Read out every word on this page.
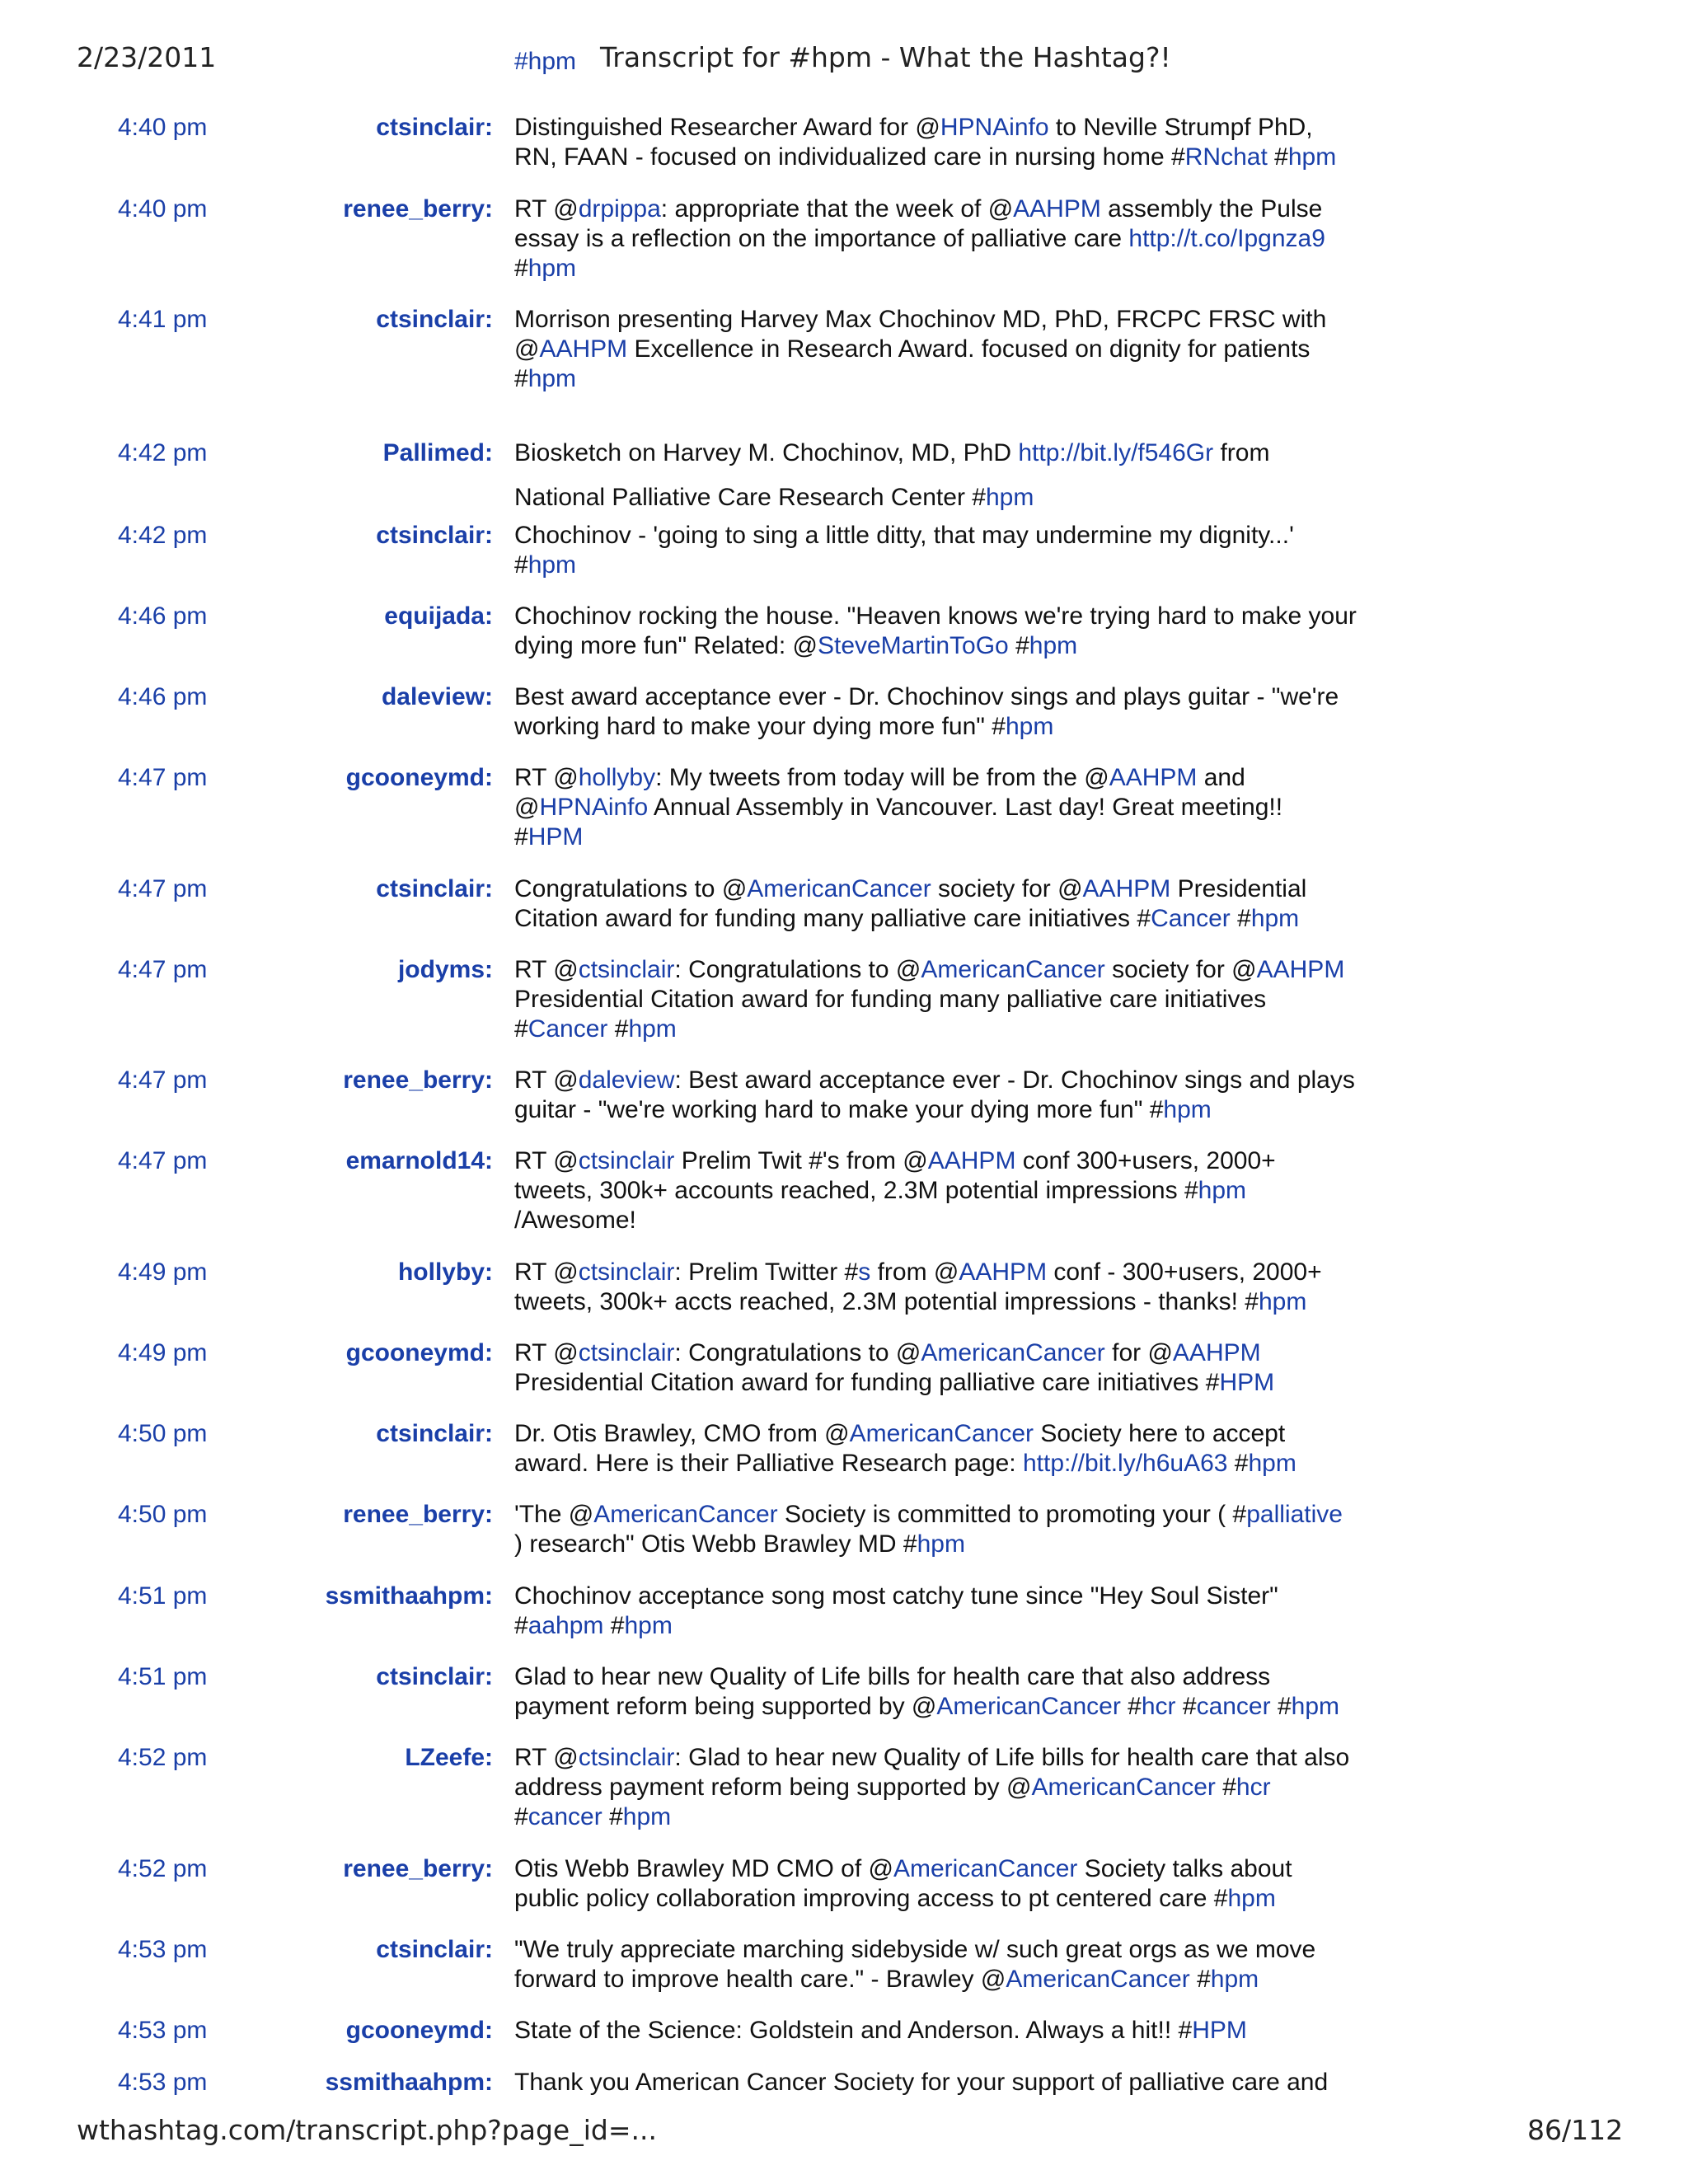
2/23/2011	Transcript for #hpm - What the Hashtag?!
#hpm
4:40 pm	ctsinclair: Distinguished Researcher Award for @HPNAinfo to Neville Strumpf PhD,
RN, FAAN - focused on individualized care in nursing home #RNchat #hpm
4:40 pm	renee_berry: RT @drpippa: appropriate that the week of @AAHPM assembly the Pulse
essay is a reflection on the importance of palliative care http://t.co/Ipgnza9
#hpm
4:41 pm	ctsinclair: Morrison presenting Harvey Max Chochinov MD, PhD, FRCPC FRSC with
@AAHPM Excellence in Research Award. focused on dignity for patients
#hpm
4:42 pm	Pallimed: Biosketch on Harvey M. Chochinov, MD, PhD http://bit.ly/f546Gr from
National Palliative Care Research Center #hpm
4:42 pm	ctsinclair: Chochinov - 'going to sing a little ditty, that may undermine my dignity...'
#hpm
4:46 pm	equijada: Chochinov rocking the house. "Heaven knows we're trying hard to make your
dying more fun" Related: @SteveMartinToGo #hpm
4:46 pm	daleview: Best award acceptance ever - Dr. Chochinov sings and plays guitar - "we're
working hard to make your dying more fun" #hpm
4:47 pm	gcooneymd: RT @hollyby: My tweets from today will be from the @AAHPM and
@HPNAinfo Annual Assembly in Vancouver. Last day! Great meeting!!
#HPM
4:47 pm	ctsinclair: Congratulations to @AmericanCancer society for @AAHPM Presidential
Citation award for funding many palliative care initiatives #Cancer #hpm
4:47 pm	jodyms: RT @ctsinclair: Congratulations to @AmericanCancer society for @AAHPM
Presidential Citation award for funding many palliative care initiatives
#Cancer #hpm
4:47 pm	renee_berry: RT @daleview: Best award acceptance ever - Dr. Chochinov sings and plays
guitar - "we're working hard to make your dying more fun" #hpm
4:47 pm	emarnold14: RT @ctsinclair Prelim Twit #'s from @AAHPM conf 300+users, 2000+
tweets, 300k+ accounts reached, 2.3M potential impressions #hpm
/Awesome!
4:49 pm	hollyby: RT @ctsinclair: Prelim Twitter #s from @AAHPM conf - 300+users, 2000+
tweets, 300k+ accts reached, 2.3M potential impressions - thanks! #hpm
4:49 pm	gcooneymd: RT @ctsinclair: Congratulations to @AmericanCancer for @AAHPM
Presidential Citation award for funding palliative care initiatives #HPM
4:50 pm	ctsinclair: Dr. Otis Brawley, CMO from @AmericanCancer Society here to accept
award. Here is their Palliative Research page: http://bit.ly/h6uA63 #hpm
4:50 pm	renee_berry: 'The @AmericanCancer Society is committed to promoting your ( #palliative
) research" Otis Webb Brawley MD #hpm
4:51 pm	ssmithaahpm: Chochinov acceptance song most catchy tune since "Hey Soul Sister"
#aahpm #hpm
4:51 pm	ctsinclair: Glad to hear new Quality of Life bills for health care that also address
payment reform being supported by @AmericanCancer #hcr #cancer #hpm
4:52 pm	LZeefe: RT @ctsinclair: Glad to hear new Quality of Life bills for health care that also
address payment reform being supported by @AmericanCancer #hcr
#cancer #hpm
4:52 pm	renee_berry: Otis Webb Brawley MD CMO of @AmericanCancer Society talks about
public policy collaboration improving access to pt centered care #hpm
4:53 pm	ctsinclair: "We truly appreciate marching sidebyside w/ such great orgs as we move
forward to improve health care." - Brawley @AmericanCancer #hpm
4:53 pm	gcooneymd: State of the Science: Goldstein and Anderson. Always a hit!! #HPM
4:53 pm	ssmithaahpm: Thank you American Cancer Society for your support of palliative care and
wthashtag.com/transcript.php?page_id=...	86/112
